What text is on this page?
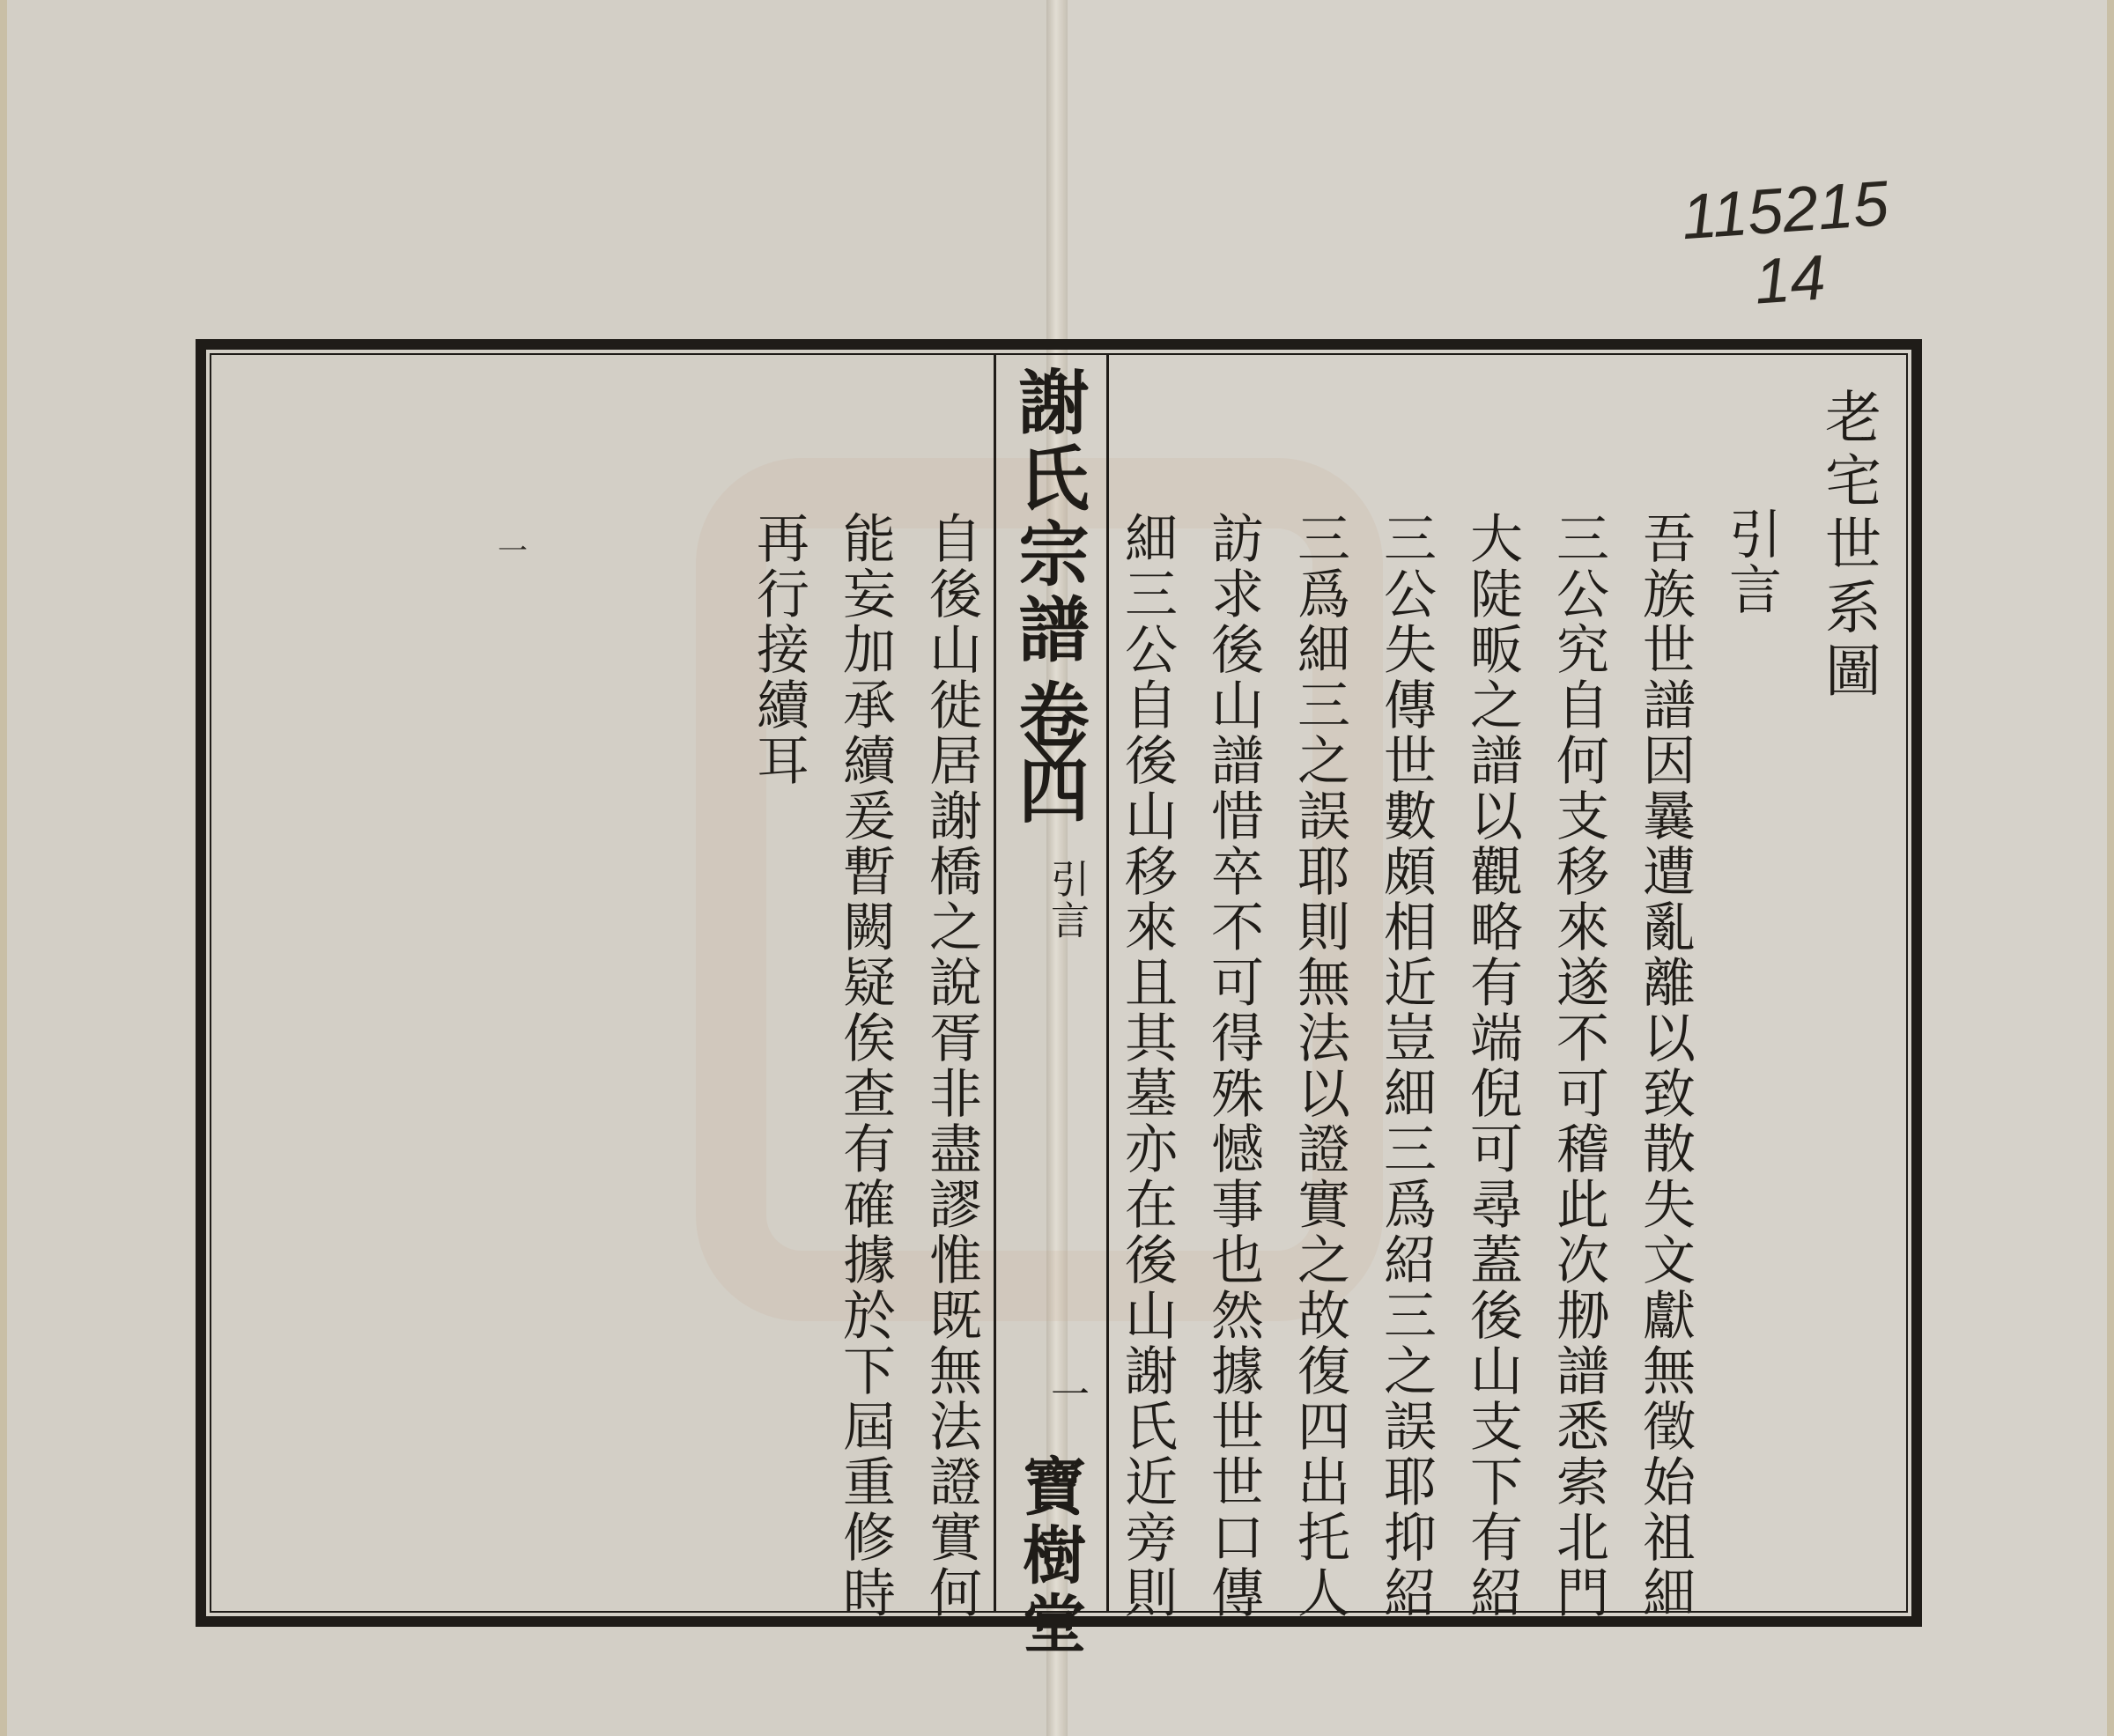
115215
14
一	老宅世系圖
引言
吾族世譜因曩遭亂離以致散失文獻無徵始祖細
三公究自何支移來遂不可稽此次刱譜悉索北門
大陡畈之譜以觀略有端倪可尋蓋後山支下有紹
三公失傳世數頗相近豈細三爲紹三之誤耶抑紹
三爲細三之誤耶則無法以證實之故復四出托人
訪求後山譜惜卒不可得殊憾事也然據世世口傳
細三公自後山移來且其墓亦在後山謝氏近旁則
謝氏宗譜
卷四
引言
一
寶樹堂
自後山徙居謝橋之說胥非盡謬惟既無法證實何
能妄加承續爰暫闕疑俟查有確據於下屆重修時
再行接續耳
